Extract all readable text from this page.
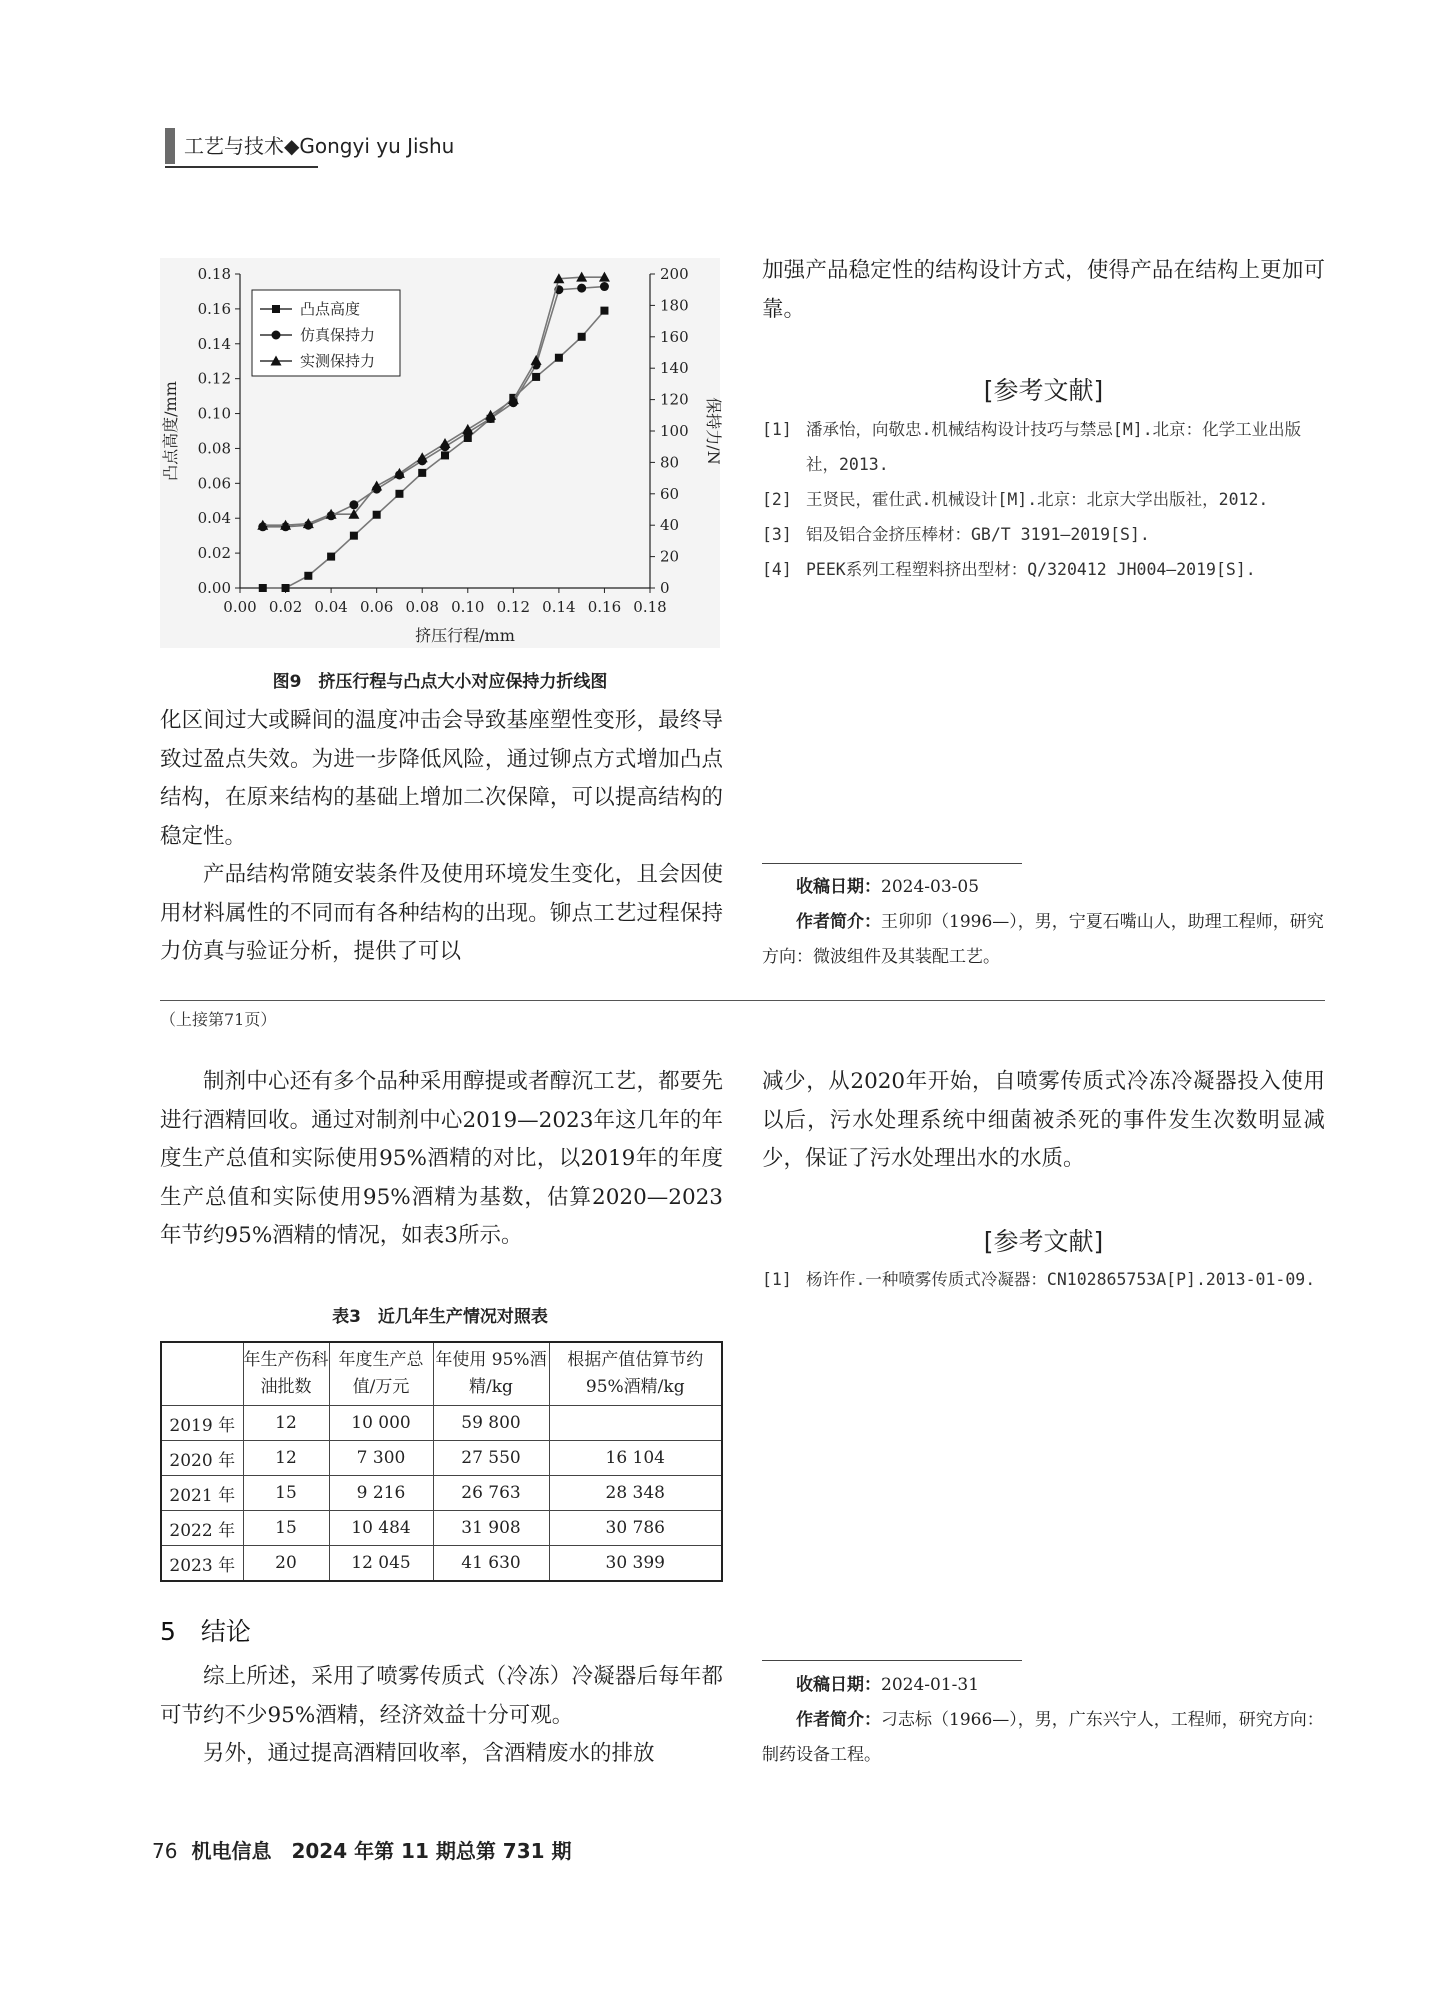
工艺与技术◆Gongyi yu Jishu
0.00 0.02 0.04 0.06 0.08 0.10 0.12 0.14 0.16 0.18
0.00
0.02
0.04
0.06
0.08
0.10
0.12
0.14
0.16
0.18
0
20
40
60
80
100
120
140
160
180
200
挤压行程/mm
凸点高度/mm	保持力/N
凸点高度
仿真保持力
实测保持力
图9　挤压行程与凸点大小对应保持力折线图

化区间过大或瞬间的温度冲击会导致基座塑性变形，最终导致过盈点失效。为进一步降低风险，通过铆点方式增加凸点结构，在原来结构的基础上增加二次保障，可以提高结构的稳定性。

产品结构常随安装条件及使用环境发生变化，且会因使用材料属性的不同而有各种结构的出现。铆点工艺过程保持力仿真与验证分析，提供了可以

加强产品稳定性的结构设计方式，使得产品在结构上更加可靠。
[参考文献]
[1] 潘承怡，向敬忠.机械结构设计技巧与禁忌[M].北京：化学工业出版社，2013.
[2] 王贤民，霍仕武.机械设计[M].北京：北京大学出版社，2012.
[3] 铝及铝合金挤压棒材：GB/T 3191—2019[S].
[4] PEEK系列工程塑料挤出型材：Q/320412 JH004—2019[S].
收稿日期：2024-03-05
作者简介：王卯卯（1996—），男，宁夏石嘴山人，助理工程师，研究方向：微波组件及其装配工艺。
（上接第71页）
制剂中心还有多个品种采用醇提或者醇沉工艺，都要先进行酒精回收。通过对制剂中心2019—2023年这几年的年度生产总值和实际使用95%酒精的对比，以2019年的年度生产总值和实际使用95%酒精为基数，估算2020—2023年节约95%酒精的情况，如表3所示。
表3　近几年生产情况对照表
	年生产伤科油批数	年度生产总值/万元	年使用 95%酒精/kg	根据产值估算节约 95%酒精/kg
2019 年	12	10 000	59 800	
2020 年	12	7 300	27 550	16 104
2021 年	15	9 216	26 763	28 348
2022 年	15	10 484	31 908	30 786
2023 年	20	12 045	41 630	30 399
5　结论

综上所述，采用了喷雾传质式（冷冻）冷凝器后每年都可节约不少95%酒精，经济效益十分可观。

另外，通过提高酒精回收率，含酒精废水的排放

减少，从2020年开始，自喷雾传质式冷冻冷凝器投入使用以后，污水处理系统中细菌被杀死的事件发生次数明显减少，保证了污水处理出水的水质。
[参考文献]
[1] 杨许作.一种喷雾传质式冷凝器：CN102865753A[P].2013-01-09.
收稿日期：2024-01-31
作者简介：刁志标（1966—），男，广东兴宁人，工程师，研究方向：制药设备工程。
76 机电信息　2024 年第 11 期总第 731 期
